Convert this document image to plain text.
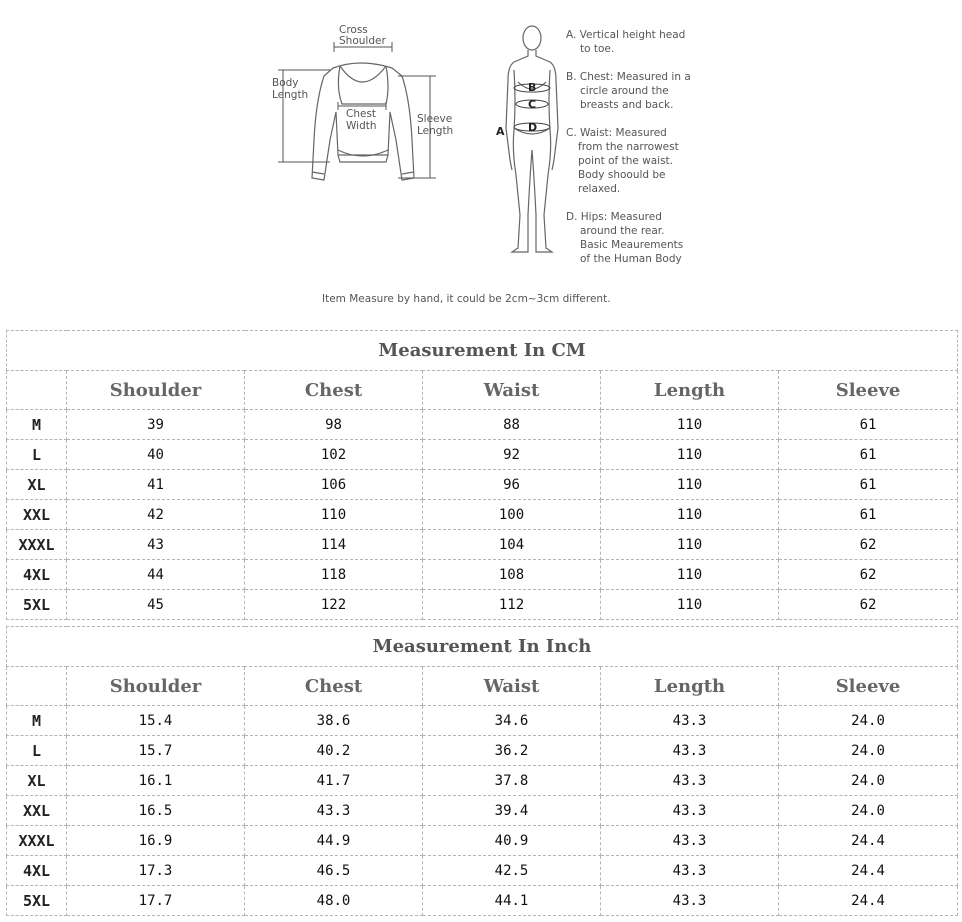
Cross
Shoulder
Body
Length
Chest
Width
Sleeve
Length
B
C
D
A
A. Vertical height head
to toe.
B. Chest: Measured in a
circle around the
breasts and back.
C. Waist: Measured
from the narrowest
point of the waist.
Body shoould be
relaxed.
D. Hips: Measured
around the rear.
Basic Meaurements
of the Human Body
Item Measure by hand, it could be 2cm~3cm different.
Measurement In CM					
	Shoulder	Chest	Waist	Length	Sleeve
M	39	98	88	110	61
L	40	102	92	110	61
XL	41	106	96	110	61
XXL	42	110	100	110	61
XXXL	43	114	104	110	62
4XL	44	118	108	110	62
5XL	45	122	112	110	62
Measurement In Inch					
	Shoulder	Chest	Waist	Length	Sleeve
M	15.4	38.6	34.6	43.3	24.0
L	15.7	40.2	36.2	43.3	24.0
XL	16.1	41.7	37.8	43.3	24.0
XXL	16.5	43.3	39.4	43.3	24.0
XXXL	16.9	44.9	40.9	43.3	24.4
4XL	17.3	46.5	42.5	43.3	24.4
5XL	17.7	48.0	44.1	43.3	24.4
